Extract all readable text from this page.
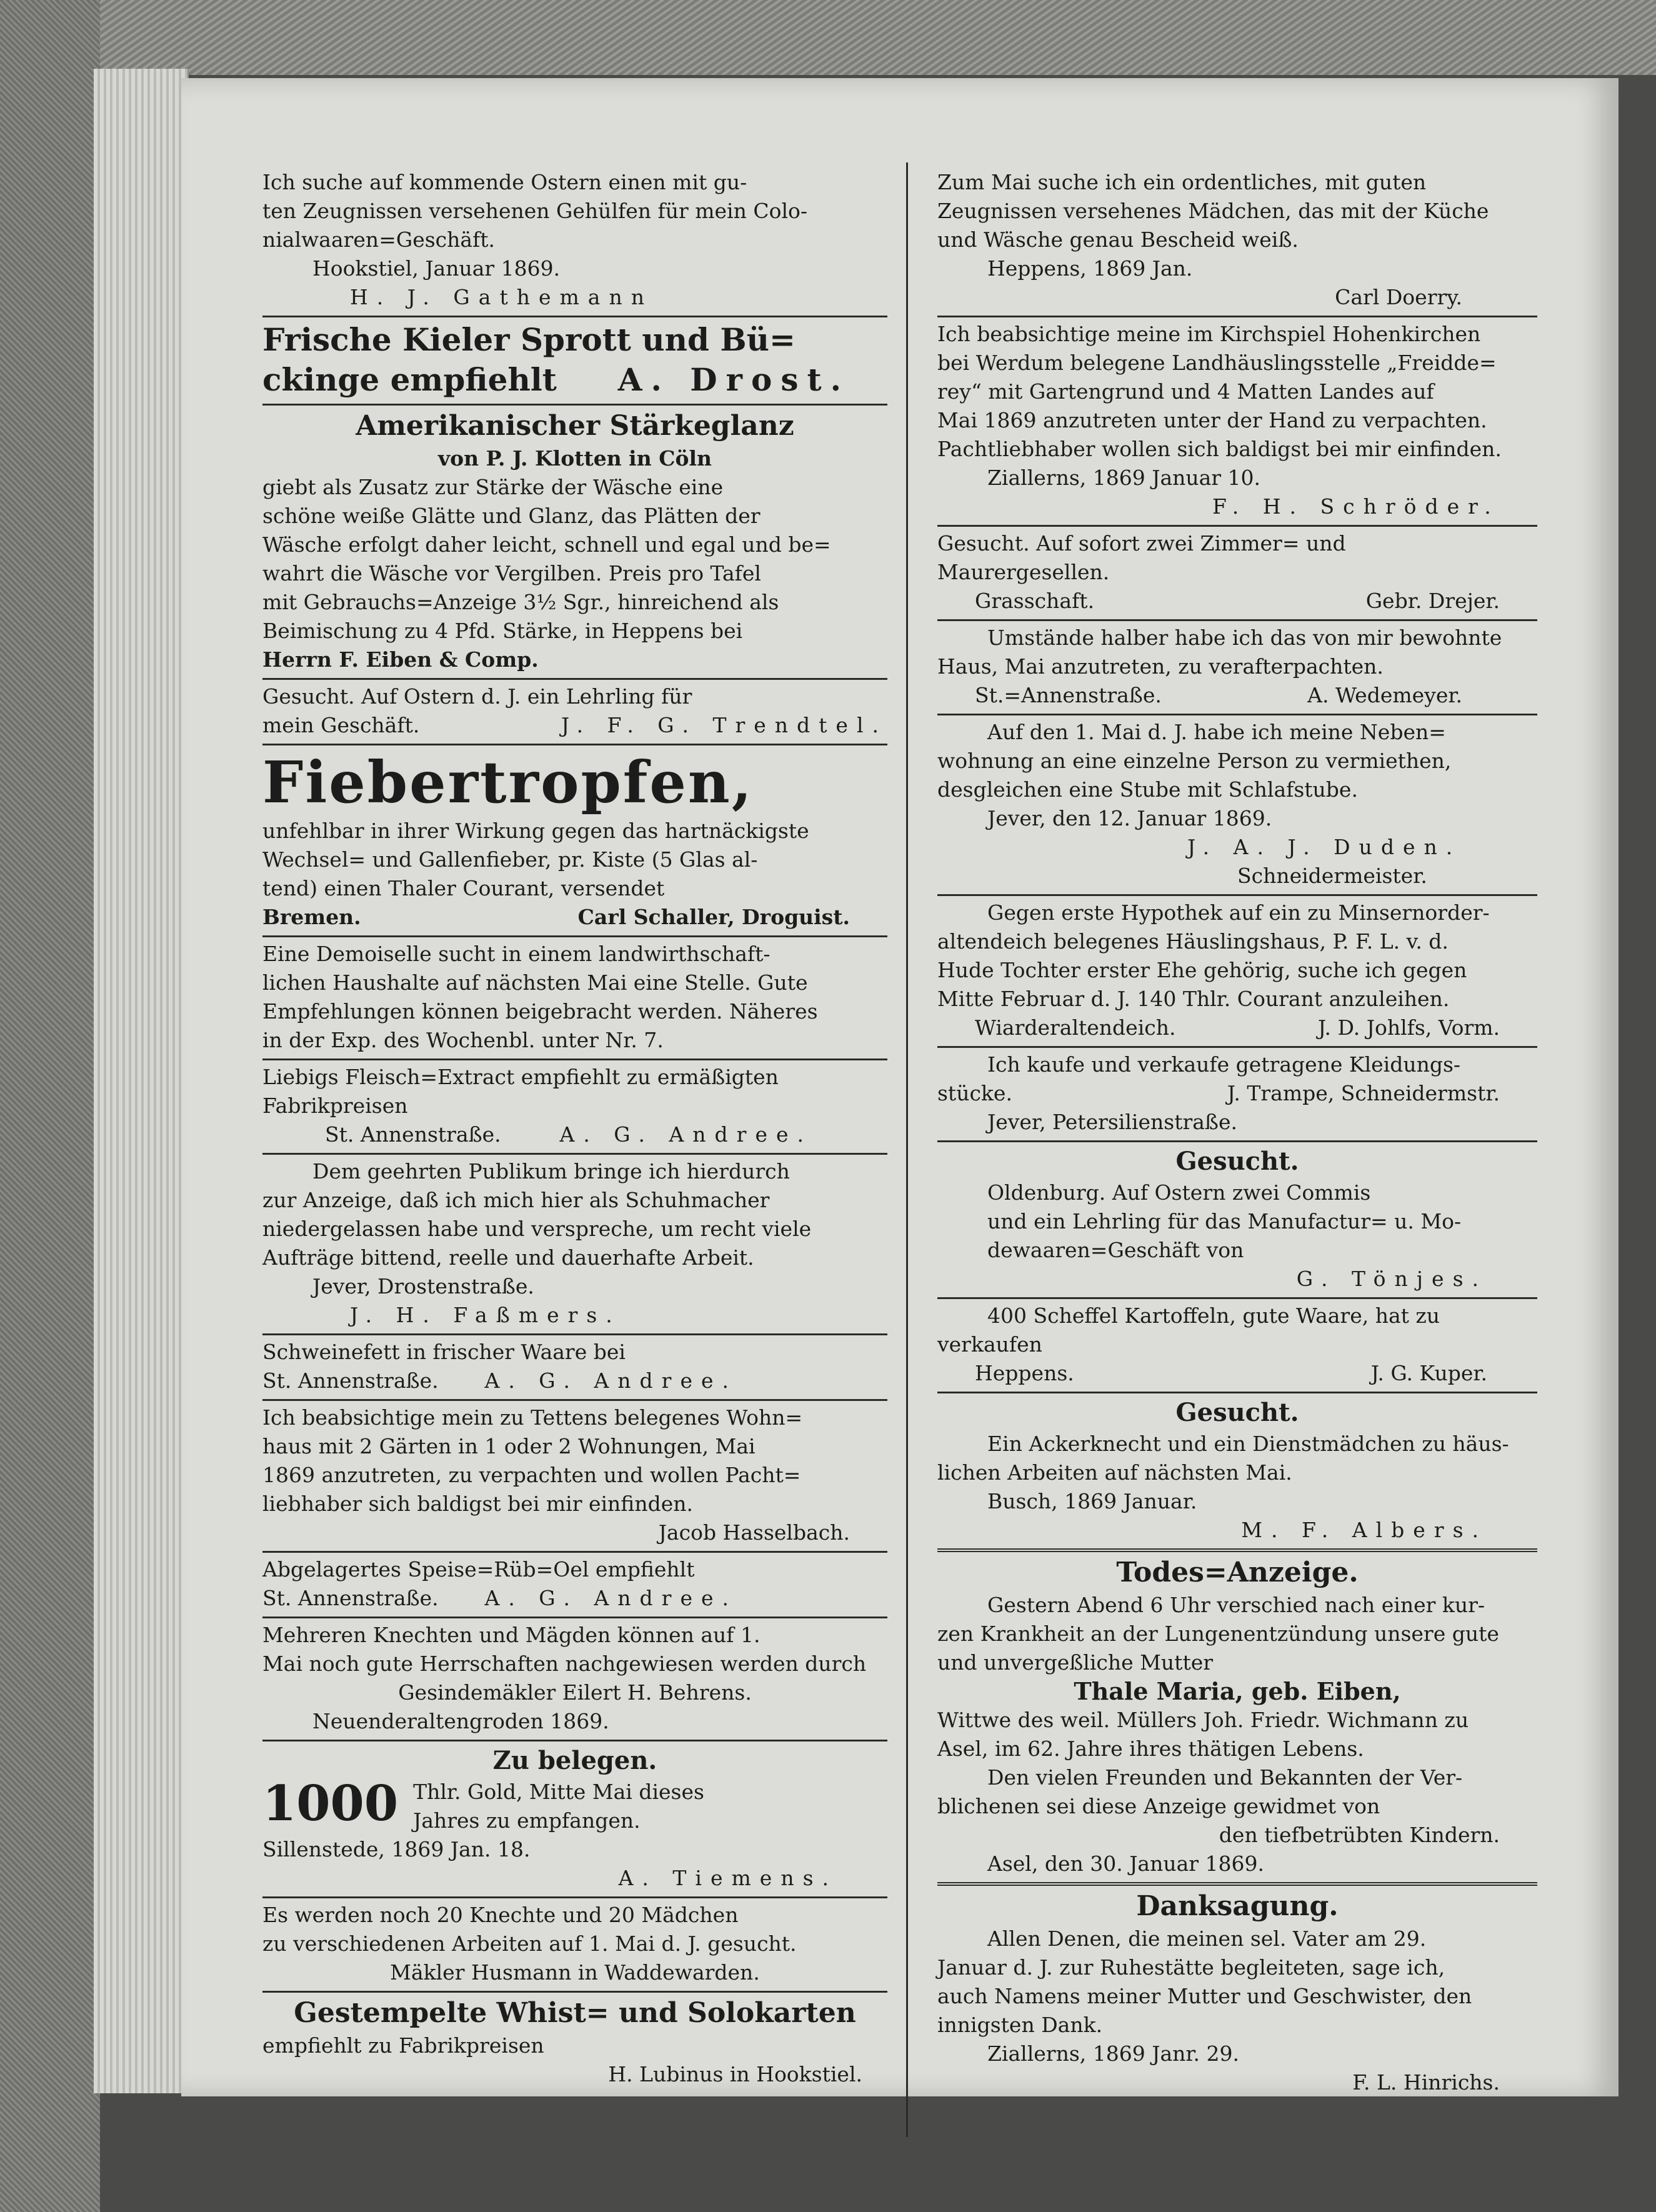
Ich suche auf kommende Ostern einen mit gu-
ten Zeugnissen versehenen Gehülfen für mein Colo-
nialwaaren=Geschäft.
Hookstiel, Januar 1869.
H. J. Gathemann
Frische Kieler Sprott und Bü=
ckinge empfiehlt A. Drost.
Amerikanischer Stärkeglanz
von P. J. Klotten in Cöln
giebt als Zusatz zur Stärke der Wäsche eine
schöne weiße Glätte und Glanz, das Plätten der
Wäsche erfolgt daher leicht, schnell und egal und be=
wahrt die Wäsche vor Vergilben. Preis pro Tafel
mit Gebrauchs=Anzeige 3½ Sgr., hinreichend als
Beimischung zu 4 Pfd. Stärke, in Heppens bei
Herrn F. Eiben & Comp.
Gesucht. Auf Ostern d. J. ein Lehrling für
mein Geschäft.	J. F. G. Trendtel.
Fiebertropfen,
unfehlbar in ihrer Wirkung gegen das hartnäckigste
Wechsel= und Gallenfieber, pr. Kiste (5 Glas al-
tend) einen Thaler Courant, versendet
Bremen.	Carl Schaller, Droguist.
Eine Demoiselle sucht in einem landwirthschaft-
lichen Haushalte auf nächsten Mai eine Stelle. Gute
Empfehlungen können beigebracht werden. Näheres
in der Exp. des Wochenbl. unter Nr. 7.
Liebigs Fleisch=Extract empfiehlt zu ermäßigten
Fabrikpreisen
St. Annenstraße.	A. G. Andree.
Dem geehrten Publikum bringe ich hierdurch
zur Anzeige, daß ich mich hier als Schuhmacher
niedergelassen habe und verspreche, um recht viele
Aufträge bittend, reelle und dauerhafte Arbeit.
Jever, Drostenstraße.
J. H. Faßmers.
Schweinefett in frischer Waare bei
St. Annenstraße. A. G. Andree.
Ich beabsichtige mein zu Tettens belegenes Wohn=
haus mit 2 Gärten in 1 oder 2 Wohnungen, Mai
1869 anzutreten, zu verpachten und wollen Pacht=
liebhaber sich baldigst bei mir einfinden.
Jacob Hasselbach.
Abgelagertes Speise=Rüb=Oel empfiehlt
St. Annenstraße. A. G. Andree.
Mehreren Knechten und Mägden können auf 1.
Mai noch gute Herrschaften nachgewiesen werden durch
Gesindemäkler Eilert H. Behrens.
Neuenderaltengroden 1869.
Zu belegen.
1000 Thlr. Gold, Mitte Mai dieses
Jahres zu empfangen.
Sillenstede, 1869 Jan. 18.
A. Tiemens.
Es werden noch 20 Knechte und 20 Mädchen
zu verschiedenen Arbeiten auf 1. Mai d. J. gesucht.
Mäkler Husmann in Waddewarden.
Gestempelte Whist= und Solokarten
empfiehlt zu Fabrikpreisen
H. Lubinus in Hookstiel.
Zum Mai suche ich ein ordentliches, mit guten
Zeugnissen versehenes Mädchen, das mit der Küche
und Wäsche genau Bescheid weiß.
Heppens, 1869 Jan.
Carl Doerry.
Ich beabsichtige meine im Kirchspiel Hohenkirchen
bei Werdum belegene Landhäuslingsstelle „Freidde=
rey“ mit Gartengrund und 4 Matten Landes auf
Mai 1869 anzutreten unter der Hand zu verpachten.
Pachtliebhaber wollen sich baldigst bei mir einfinden.
Ziallerns, 1869 Januar 10.
F. H. Schröder.
Gesucht. Auf sofort zwei Zimmer= und
Maurergesellen.
Grasschaft.	Gebr. Drejer.
Umstände halber habe ich das von mir bewohnte
Haus, Mai anzutreten, zu verafterpachten.
St.=Annenstraße.	A. Wedemeyer.
Auf den 1. Mai d. J. habe ich meine Neben=
wohnung an eine einzelne Person zu vermiethen,
desgleichen eine Stube mit Schlafstube.
Jever, den 12. Januar 1869.
J. A. J. Duden.
Schneidermeister.
Gegen erste Hypothek auf ein zu Minsernorder-
altendeich belegenes Häuslingshaus, P. F. L. v. d.
Hude Tochter erster Ehe gehörig, suche ich gegen
Mitte Februar d. J. 140 Thlr. Courant anzuleihen.
Wiarderaltendeich.	J. D. Johlfs, Vorm.
Ich kaufe und verkaufe getragene Kleidungs-
stücke.	J. Trampe, Schneidermstr.
Jever, Petersilienstraße.
Gesucht.
Oldenburg. Auf Ostern zwei Commis
und ein Lehrling für das Manufactur= u. Mo-
dewaaren=Geschäft von
G. Tönjes.
400 Scheffel Kartoffeln, gute Waare, hat zu
verkaufen
Heppens.	J. G. Kuper.
Gesucht.
Ein Ackerknecht und ein Dienstmädchen zu häus-
lichen Arbeiten auf nächsten Mai.
Busch, 1869 Januar.
M. F. Albers.
Todes=Anzeige.
Gestern Abend 6 Uhr verschied nach einer kur-
zen Krankheit an der Lungenentzündung unsere gute
und unvergeßliche Mutter
Thale Maria, geb. Eiben,
Wittwe des weil. Müllers Joh. Friedr. Wichmann zu
Asel, im 62. Jahre ihres thätigen Lebens.
Den vielen Freunden und Bekannten der Ver-
blichenen sei diese Anzeige gewidmet von
den tiefbetrübten Kindern.
Asel, den 30. Januar 1869.
Danksagung.
Allen Denen, die meinen sel. Vater am 29.
Januar d. J. zur Ruhestätte begleiteten, sage ich,
auch Namens meiner Mutter und Geschwister, den
innigsten Dank.
Ziallerns, 1869 Janr. 29.
F. L. Hinrichs.
